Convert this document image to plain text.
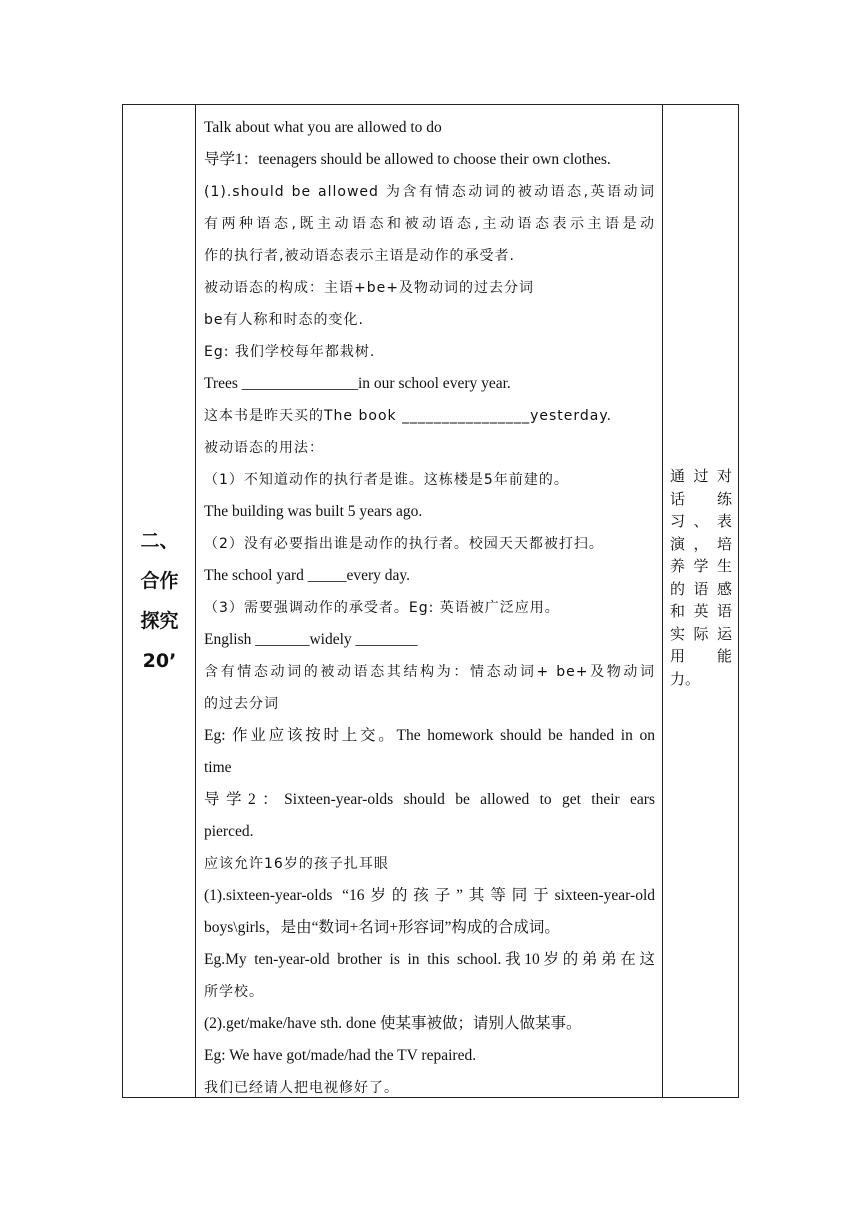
二、
合作
探究
20’
Talk about what you are allowed to do
导学1：teenagers should be allowed to choose their own clothes.
(1).should be allowed 为含有情态动词的被动语态,英语动词
有两种语态,既主动语态和被动语态,主动语态表示主语是动
作的执行者,被动语态表示主语是动作的承受者.
被动语态的构成：主语+be+及物动词的过去分词
be有人称和时态的变化.
Eg: 我们学校每年都栽树.
Trees _______________in our school every year.
这本书是昨天买的The book ________________yesterday.
被动语态的用法：
（1）不知道动作的执行者是谁。这栋楼是5年前建的。
The building was built 5 years ago.
（2）没有必要指出谁是动作的执行者。校园天天都被打扫。
The school yard _____every day.
（3）需要强调动作的承受者。Eg: 英语被广泛应用。
English _______widely ________
含有情态动词的被动语态其结构为：情态动词+ be+及物动词
的过去分词
Eg: 作业应该按时上交。The homework should be handed in on
time
导学2：Sixteen-year-olds should be allowed to get their ears
pierced.
应该允许16岁的孩子扎耳眼
(1).sixteen-year-olds “16岁的孩子”其等同于sixteen-year-old
boys\girls，是由“数词+名词+形容词”构成的合成词。
Eg.My ten-year-old brother is in this school.我10岁的弟弟在这
所学校。
(2).get/make/have sth. done 使某事被做；请别人做某事。
Eg: We have got/made/had the TV repaired.
我们已经请人把电视修好了。
通过对
话练
习、表
演，培
养学生
的语感
和英语
实际运
用能
力。
